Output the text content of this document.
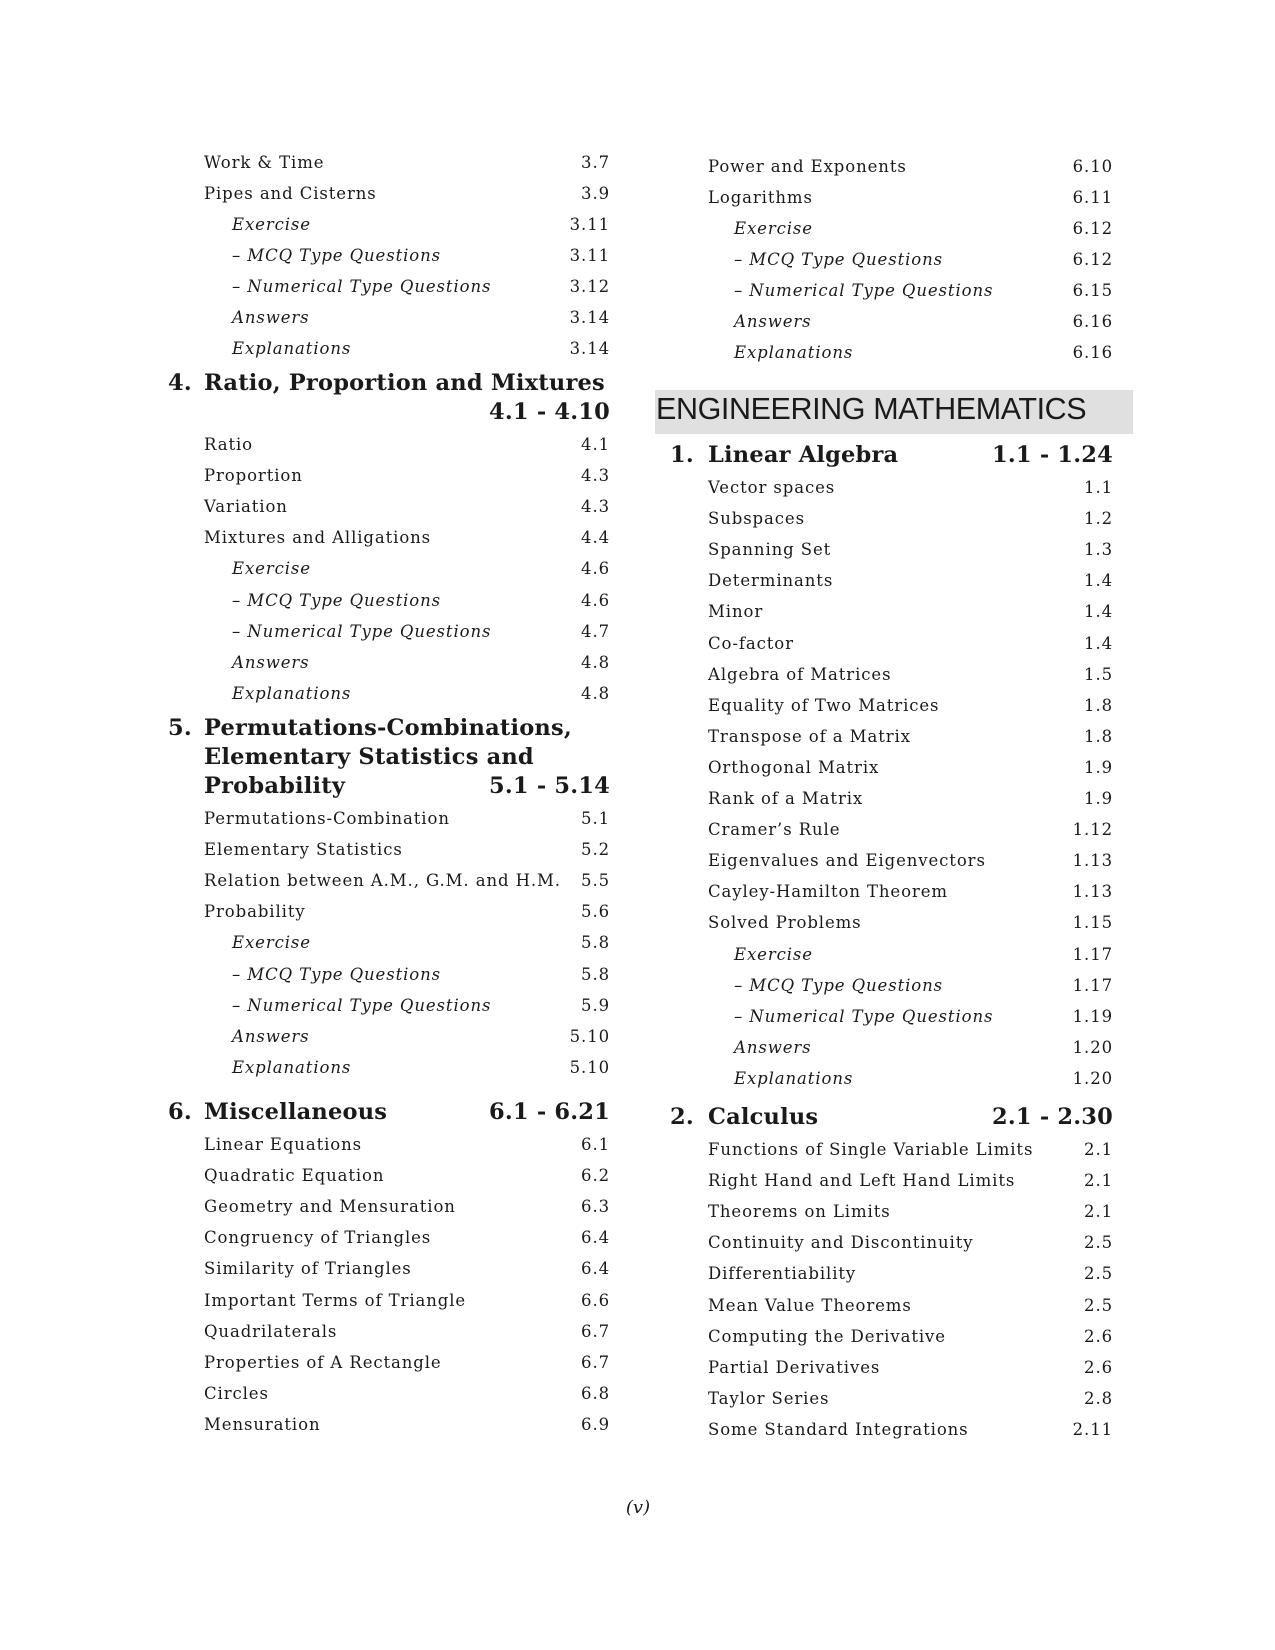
Work & Time	3.7
Pipes and Cisterns	3.9
Exercise	3.11
– MCQ Type Questions	3.11
– Numerical Type Questions	3.12
Answers	3.14
Explanations	3.14
4. Ratio, Proportion and Mixtures
4.1 - 4.10
Ratio	4.1
Proportion	4.3
Variation	4.3
Mixtures and Alligations	4.4
Exercise	4.6
– MCQ Type Questions	4.6
– Numerical Type Questions	4.7
Answers	4.8
Explanations	4.8
5. Permutations-Combinations,
Elementary Statistics and
Probability	5.1 - 5.14
Permutations-Combination	5.1
Elementary Statistics	5.2
Relation between A.M., G.M. and H.M. 5.5
Probability	5.6
Exercise	5.8
– MCQ Type Questions	5.8
– Numerical Type Questions	5.9
Answers	5.10
Explanations	5.10
6. Miscellaneous	6.1 - 6.21
Linear Equations	6.1
Quadratic Equation	6.2
Geometry and Mensuration	6.3
Congruency of Triangles	6.4
Similarity of Triangles	6.4
Important Terms of Triangle	6.6
Quadrilaterals	6.7
Properties of A Rectangle	6.7
Circles	6.8
Mensuration	6.9
Power and Exponents	6.10
Logarithms	6.11
Exercise	6.12
– MCQ Type Questions	6.12
– Numerical Type Questions	6.15
Answers	6.16
Explanations	6.16
1. Linear Algebra	1.1 - 1.24
Vector spaces	1.1
Subspaces	1.2
Spanning Set	1.3
Determinants	1.4
Minor	1.4
Co-factor	1.4
Algebra of Matrices	1.5
Equality of Two Matrices	1.8
Transpose of a Matrix	1.8
Orthogonal Matrix	1.9
Rank of a Matrix	1.9
Cramer’s Rule	1.12
Eigenvalues and Eigenvectors	1.13
Cayley-Hamilton Theorem	1.13
Solved Problems	1.15
Exercise	1.17
– MCQ Type Questions	1.17
– Numerical Type Questions	1.19
Answers	1.20
Explanations	1.20
2. Calculus	2.1 - 2.30
Functions of Single Variable Limits	2.1
Right Hand and Left Hand Limits	2.1
Theorems on Limits	2.1
Continuity and Discontinuity	2.5
Differentiability	2.5
Mean Value Theorems	2.5
Computing the Derivative	2.6
Partial Derivatives	2.6
Taylor Series	2.8
Some Standard Integrations	2.11
ENGINEERING MATHEMATICS
(v)
